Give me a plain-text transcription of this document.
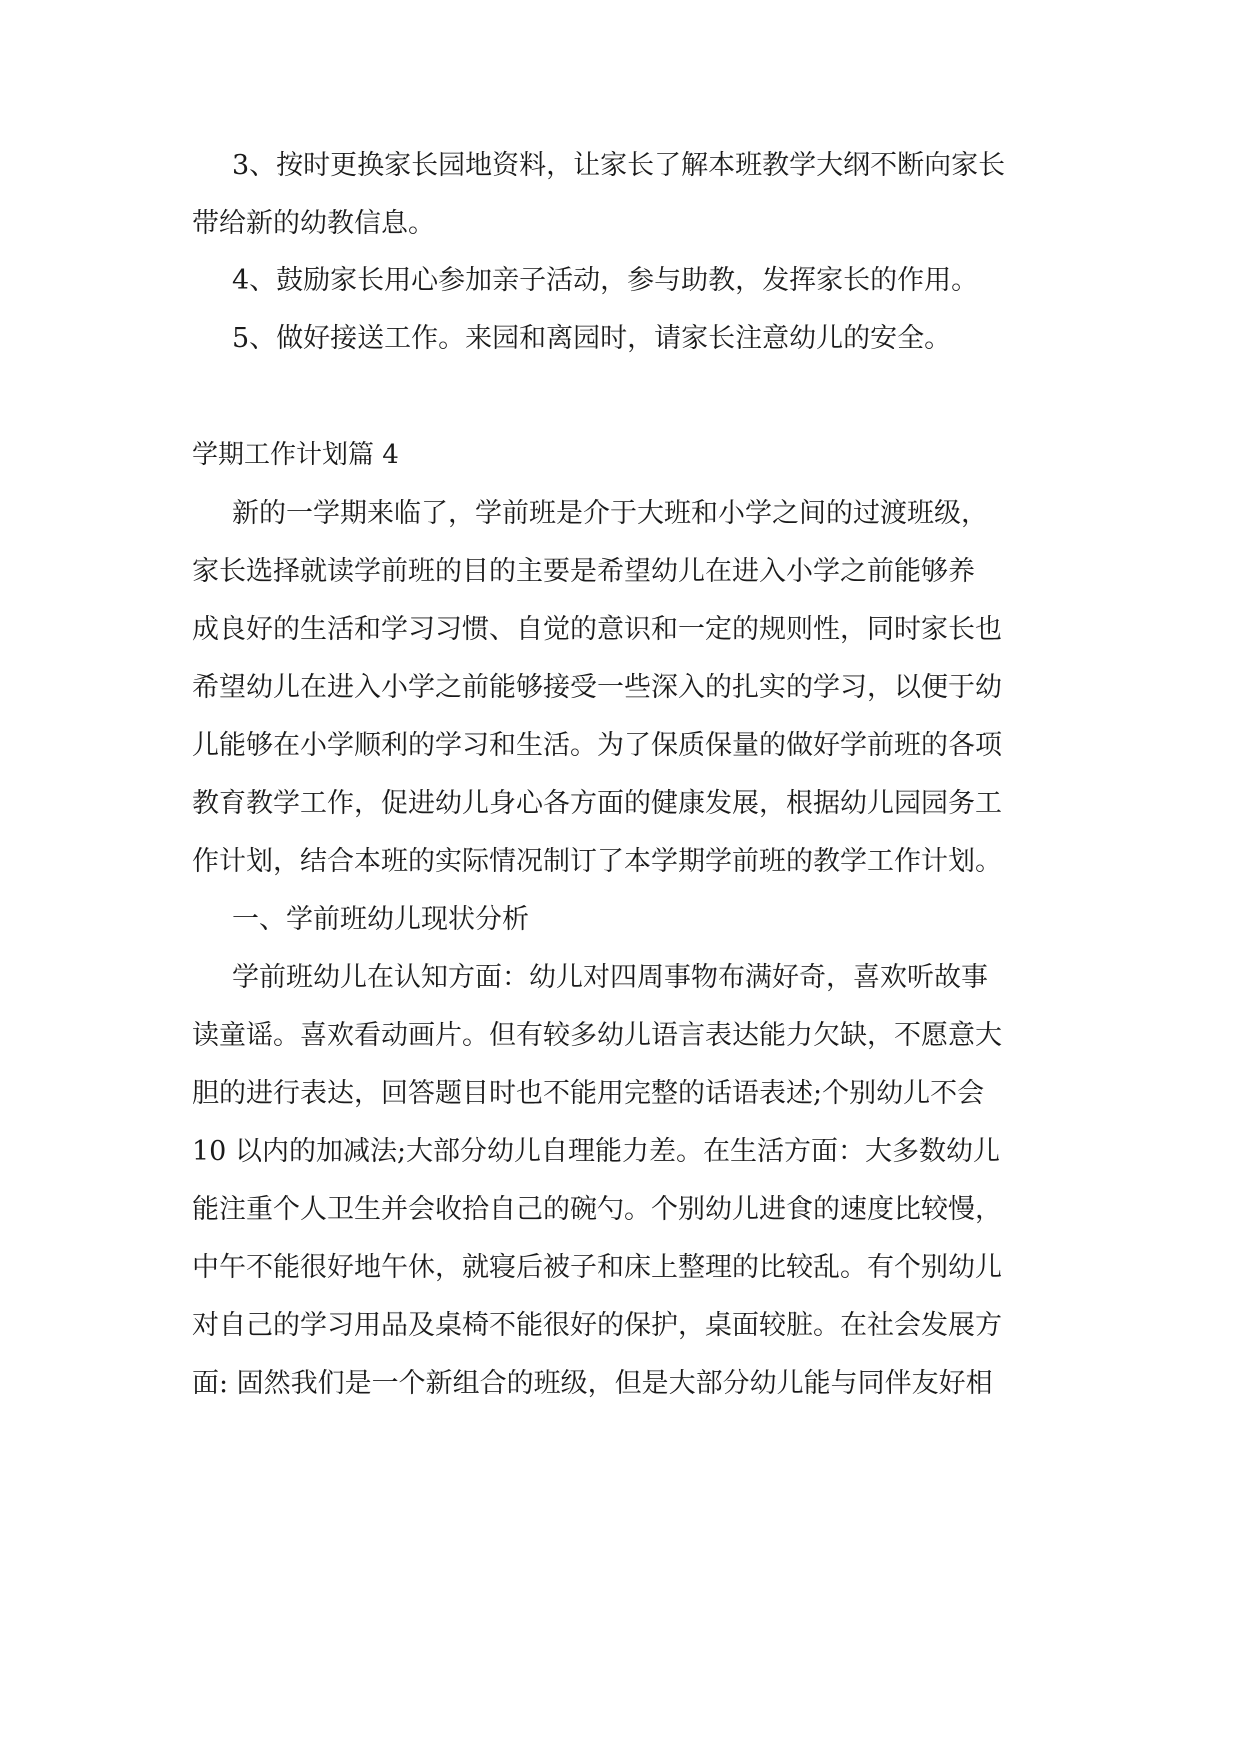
3、按时更换家长园地资料，让家长了解本班教学大纲不断向家长

带给新的幼教信息。

4、鼓励家长用心参加亲子活动，参与助教，发挥家长的作用。

5、做好接送工作。来园和离园时，请家长注意幼儿的安全。

学期工作计划篇 4

新的一学期来临了，学前班是介于大班和小学之间的过渡班级，

家长选择就读学前班的目的主要是希望幼儿在进入小学之前能够养

成良好的生活和学习习惯、自觉的意识和一定的规则性，同时家长也

希望幼儿在进入小学之前能够接受一些深入的扎实的学习，以便于幼

儿能够在小学顺利的学习和生活。为了保质保量的做好学前班的各项

教育教学工作，促进幼儿身心各方面的健康发展，根据幼儿园园务工

作计划，结合本班的实际情况制订了本学期学前班的教学工作计划。

一、学前班幼儿现状分析

学前班幼儿在认知方面：幼儿对四周事物布满好奇，喜欢听故事

读童谣。喜欢看动画片。但有较多幼儿语言表达能力欠缺，不愿意大

胆的进行表达，回答题目时也不能用完整的话语表述;个别幼儿不会

10 以内的加减法;大部分幼儿自理能力差。在生活方面：大多数幼儿

能注重个人卫生并会收拾自己的碗勺。个别幼儿进食的速度比较慢，

中午不能很好地午休，就寝后被子和床上整理的比较乱。有个别幼儿

对自己的学习用品及桌椅不能很好的保护，桌面较脏。在社会发展方

面: 固然我们是一个新组合的班级，但是大部分幼儿能与同伴友好相
